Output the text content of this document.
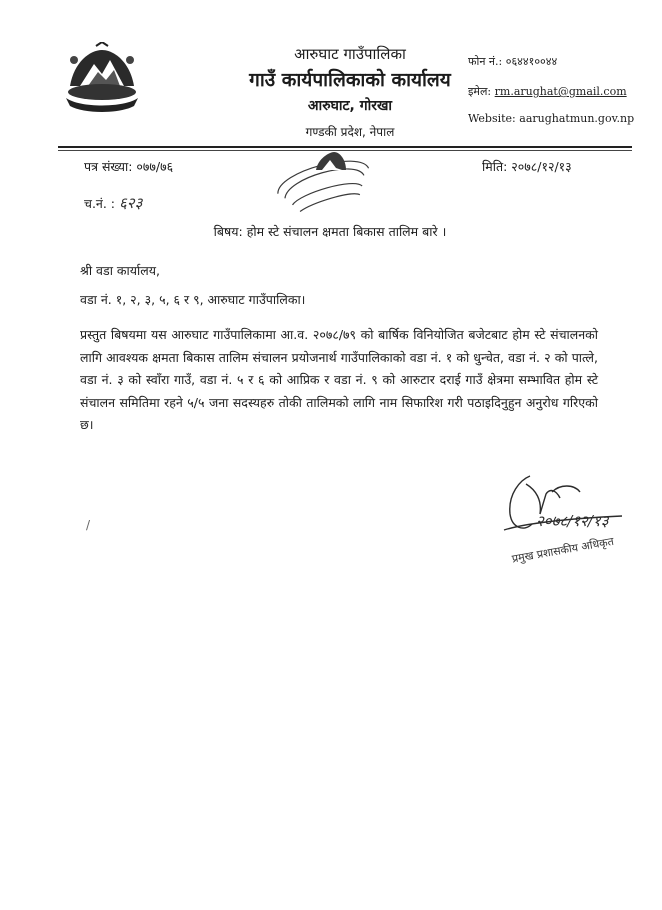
आरुघाट गाउँपालिका
गाउँ कार्यपालिकाको कार्यालय
आरुघाट, गोरखा
गण्डकी प्रदेश, नेपाल
फोन नं.: ०६४४१००४४
इमेल: rm.arughat@gmail.com
Website: aarughatmun.gov.np
पत्र संख्या: ०७७/७६	मिति: २०७८/१२/१३
च.नं. : ६२३
बिषय: होम स्टे संचालन क्षमता बिकास तालिम बारे ।
श्री वडा कार्यालय,
वडा नं. १, २, ३, ५, ६ र ९, आरुघाट गाउँपालिका।
प्रस्तुत बिषयमा यस आरुघाट गाउँपालिकामा आ.व. २०७८/७९ को बार्षिक विनियोजित बजेटबाट होम स्टे संचालनको लागि आवश्यक क्षमता बिकास तालिम संचालन प्रयोजनार्थ गाउँपालिकाको वडा नं. १ को धुन्चेत, वडा नं. २ को पात्ले, वडा नं. ३ को स्वाँरा गाउँ, वडा नं. ५ र ६ को आप्रिक र वडा नं. ९ को आरुटार दराई गाउँ क्षेत्रमा सम्भावित होम स्टे संचालन समितिमा रहने ५/५ जना सदस्यहरु तोकी तालिमको लागि नाम सिफारिश गरी पठाइदिनुहुन अनुरोध गरिएको छ।
२०७८/१२/१३
प्रमुख प्रशासकीय अधिकृत
/
